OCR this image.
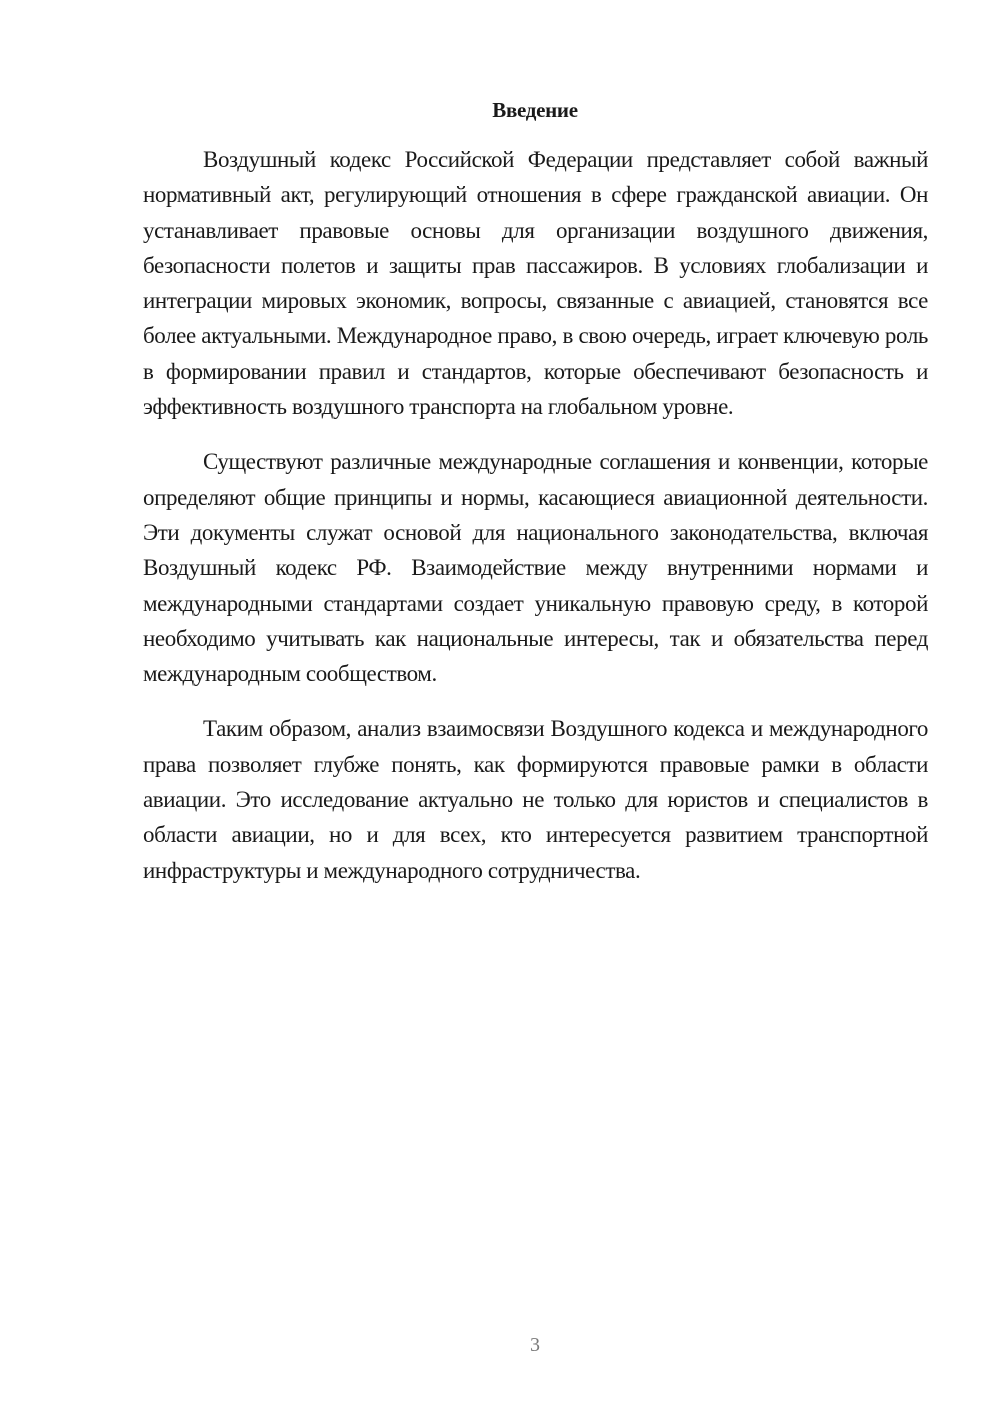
Введение

Воздушный кодекс Российской Федерации представляет собой важный нормативный акт, регулирующий отношения в сфере гражданской авиации. Он устанавливает правовые основы для организации воздушного движения, безопасности полетов и защиты прав пассажиров. В условиях глобализации и интеграции мировых экономик, вопросы, связанные с авиацией, становятся все более актуальными. Международное право, в свою очередь, играет ключевую роль в формировании правил и стандартов, которые обеспечивают безопасность и эффективность воздушного транспорта на глобальном уровне.

Существуют различные международные соглашения и конвенции, которые определяют общие принципы и нормы, касающиеся авиационной деятельности. Эти документы служат основой для национального законодательства, включая Воздушный кодекс РФ. Взаимодействие между внутренними нормами и международными стандартами создает уникальную правовую среду, в которой необходимо учитывать как национальные интересы, так и обязательства перед международным сообществом.

Таким образом, анализ взаимосвязи Воздушного кодекса и международного права позволяет глубже понять, как формируются правовые рамки в области авиации. Это исследование актуально не только для юристов и специалистов в области авиации, но и для всех, кто интересуется развитием транспортной инфраструктуры и международного сотрудничества.

3
